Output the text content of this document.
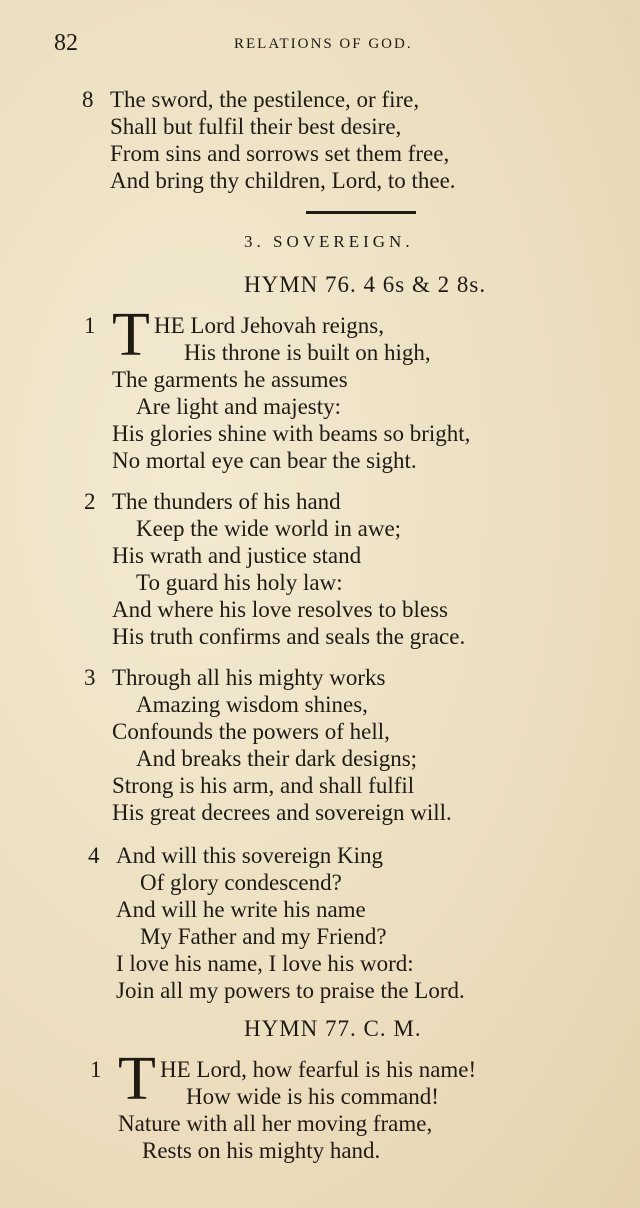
82	RELATIONS OF GOD.
8 The sword, the pestilence, or fire,
Shall but fulfil their best desire,
From sins and sorrows set them free,
And bring thy children, Lord, to thee.
3. SOVEREIGN.
HYMN 76. 4 6s & 2 8s.
1 T HE Lord Jehovah reigns,
His throne is built on high,
The garments he assumes
Are light and majesty:
His glories shine with beams so bright,
No mortal eye can bear the sight.
2 The thunders of his hand
Keep the wide world in awe;
His wrath and justice stand
To guard his holy law:
And where his love resolves to bless
His truth confirms and seals the grace.
3 Through all his mighty works
Amazing wisdom shines,
Confounds the powers of hell,
And breaks their dark designs;
Strong is his arm, and shall fulfil
His great decrees and sovereign will.
4 And will this sovereign King
Of glory condescend?
And will he write his name
My Father and my Friend?
I love his name, I love his word:
Join all my powers to praise the Lord.
HYMN 77. C. M.
1 T HE Lord, how fearful is his name!
How wide is his command!
Nature with all her moving frame,
Rests on his mighty hand.
